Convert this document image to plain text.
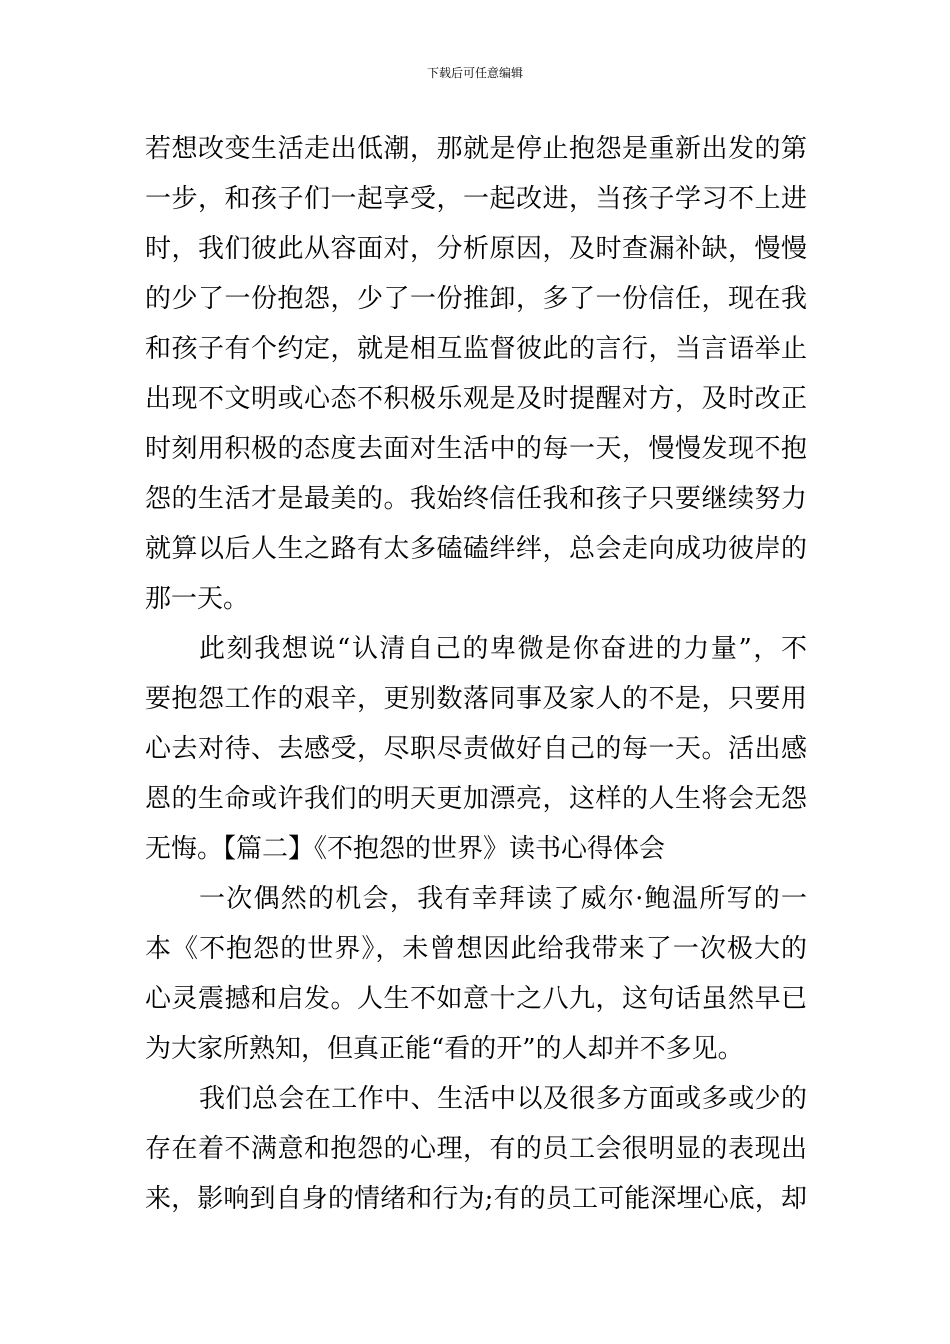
下载后可任意编辑
若想改变生活走出低潮，那就是停止抱怨是重新出发的第
一步，和孩子们一起享受，一起改进，当孩子学习不上进
时，我们彼此从容面对，分析原因，及时查漏补缺，慢慢
的少了一份抱怨，少了一份推卸，多了一份信任，现在我
和孩子有个约定，就是相互监督彼此的言行，当言语举止
出现不文明或心态不积极乐观是及时提醒对方，及时改正
时刻用积极的态度去面对生活中的每一天，慢慢发现不抱
怨的生活才是最美的。我始终信任我和孩子只要继续努力
就算以后人生之路有太多磕磕绊绊，总会走向成功彼岸的
那一天。
此刻我想说“认清自己的卑微是你奋进的力量”，不
要抱怨工作的艰辛，更别数落同事及家人的不是，只要用
心去对待、去感受，尽职尽责做好自己的每一天。活出感
恩的生命或许我们的明天更加漂亮，这样的人生将会无怨
无悔。【篇二】《不抱怨的世界》读书心得体会
一次偶然的机会，我有幸拜读了威尔·鲍温所写的一
本《不抱怨的世界》，未曾想因此给我带来了一次极大的
心灵震撼和启发。人生不如意十之八九，这句话虽然早已
为大家所熟知，但真正能“看的开”的人却并不多见。
我们总会在工作中、生活中以及很多方面或多或少的
存在着不满意和抱怨的心理，有的员工会很明显的表现出
来，影响到自身的情绪和行为;有的员工可能深埋心底，却
